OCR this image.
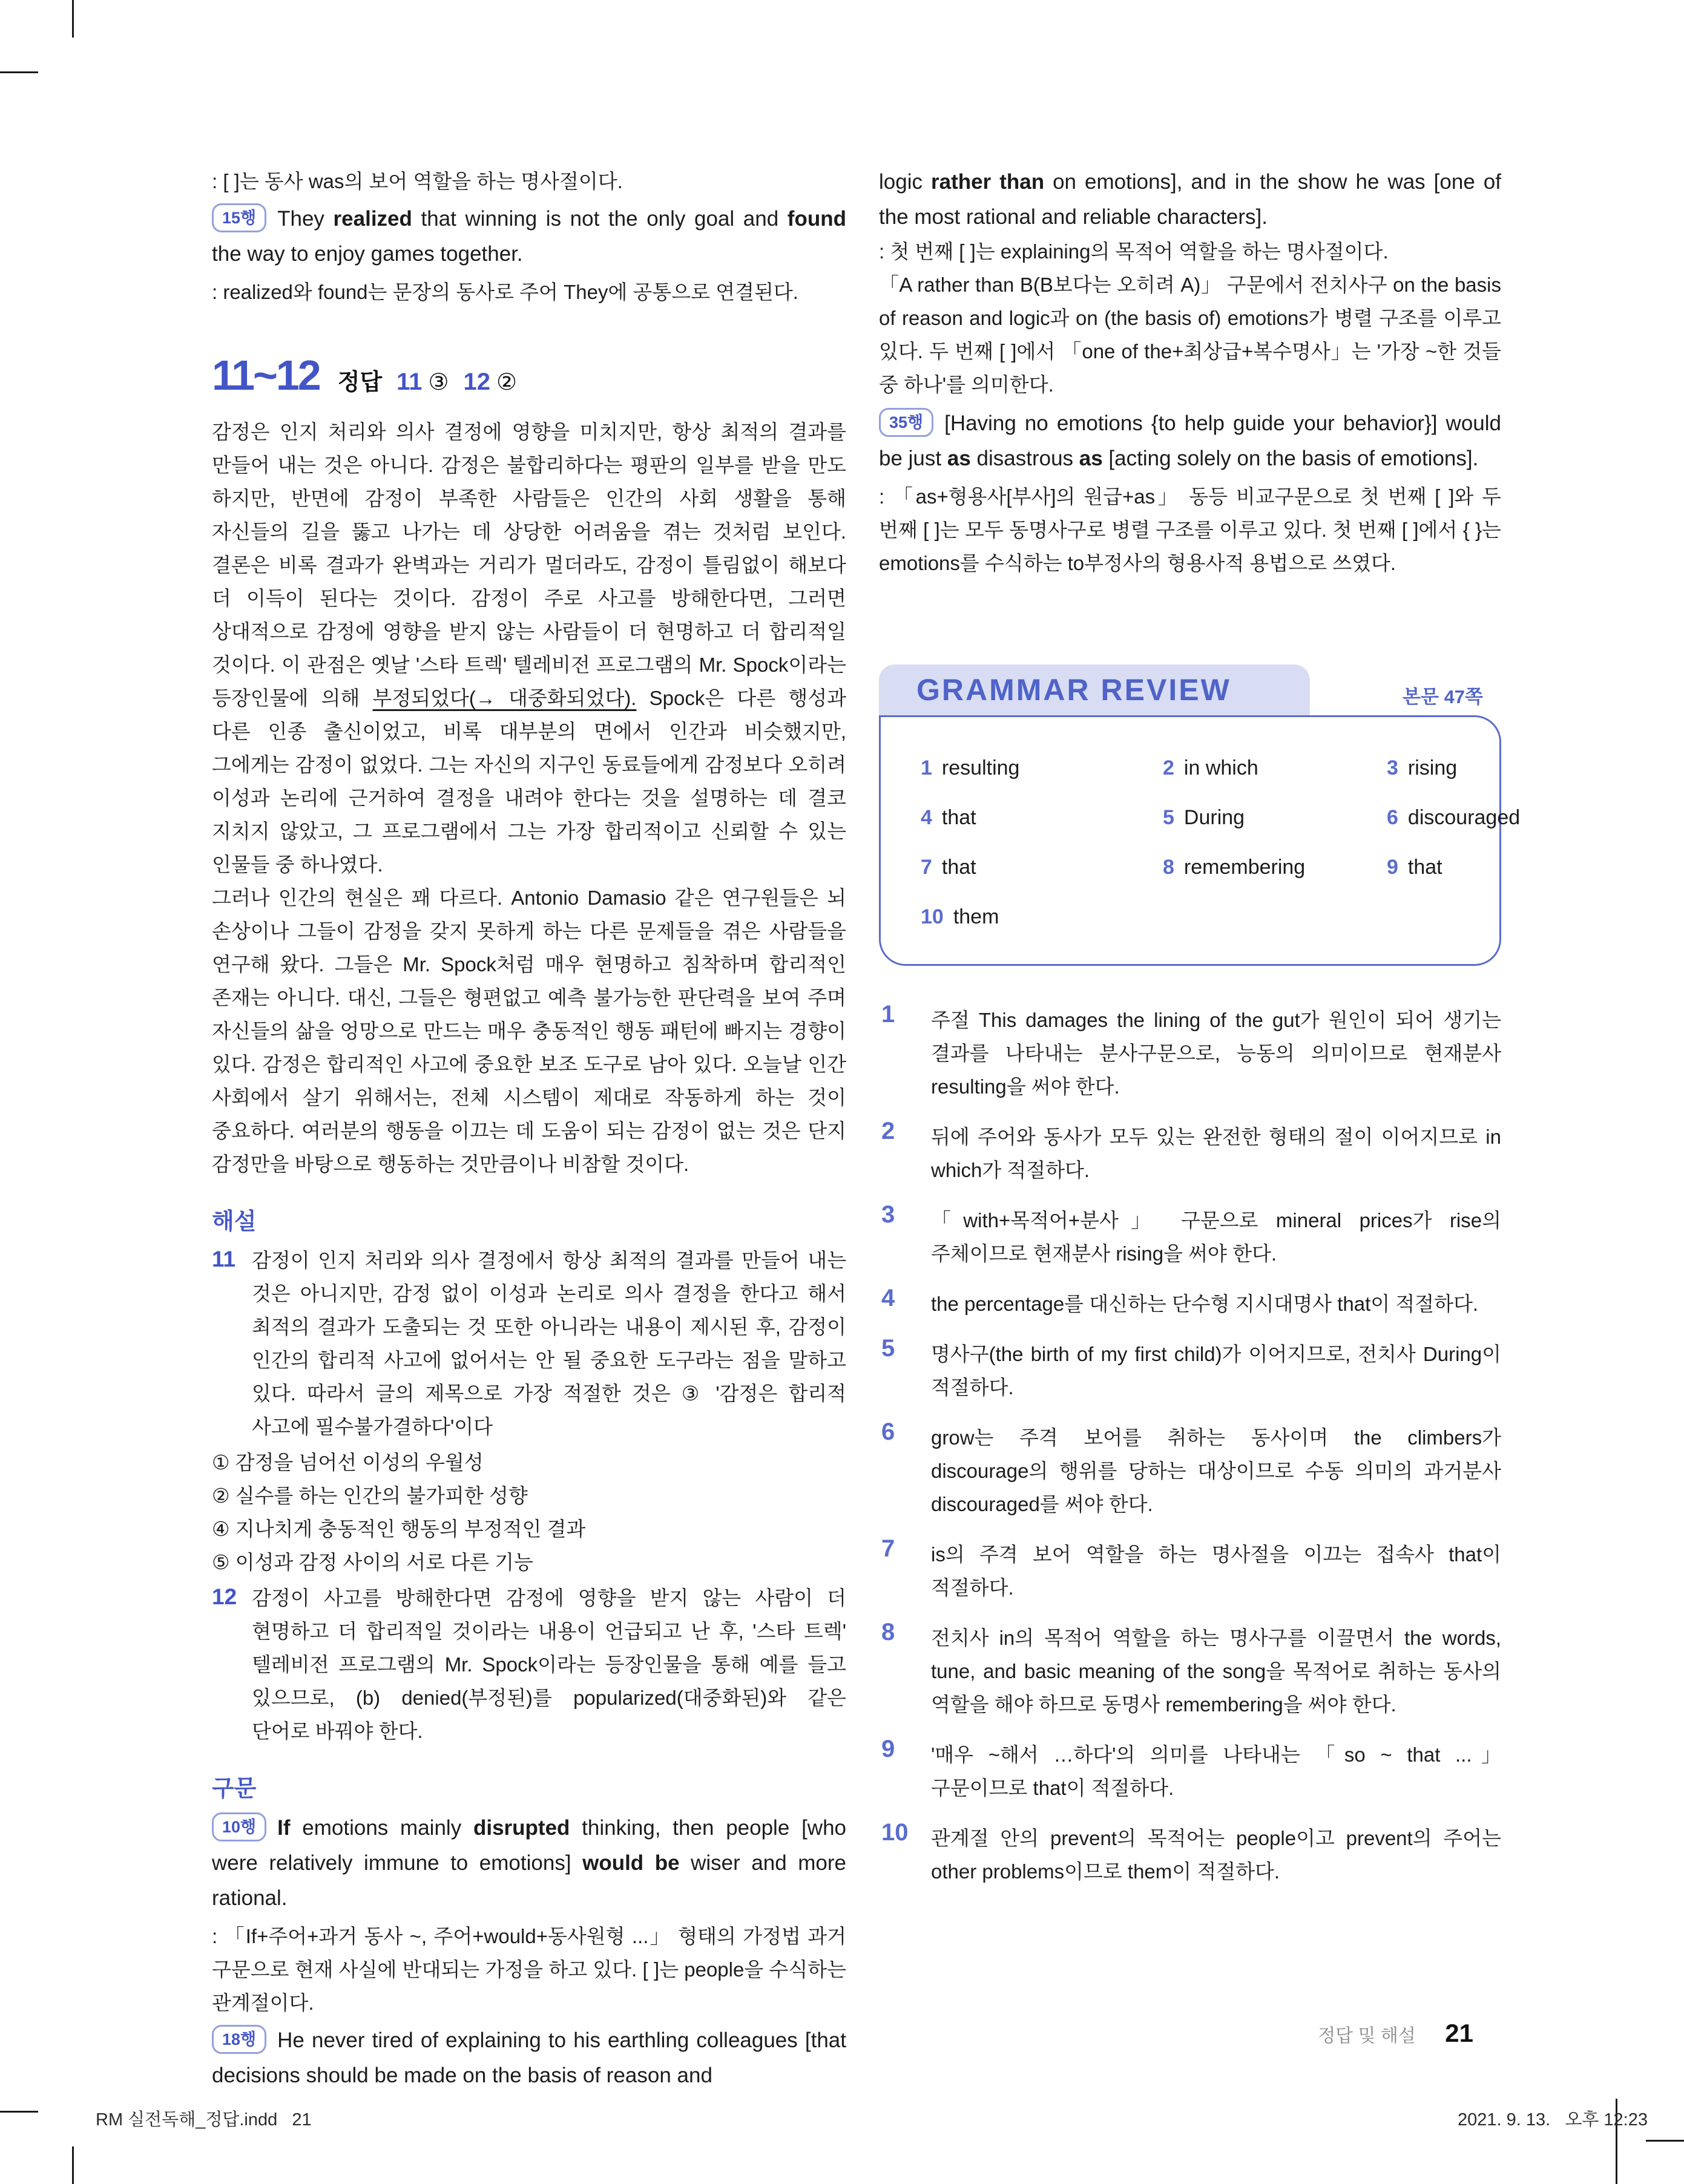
: [ ]는 동사 was의 보어 역할을 하는 명사절이다.

15행 They realized that winning is not the only goal and found the way to enjoy games together.

: realized와 found는 문장의 동사로 주어 They에 공통으로 연결된다.

11~12 정답 11 ③ 12 ②

감정은 인지 처리와 의사 결정에 영향을 미치지만, 항상 최적의 결과를 만들어 내는 것은 아니다. 감정은 불합리하다는 평판의 일부를 받을 만도 하지만, 반면에 감정이 부족한 사람들은 인간의 사회 생활을 통해 자신들의 길을 뚫고 나가는 데 상당한 어려움을 겪는 것처럼 보인다. 결론은 비록 결과가 완벽과는 거리가 멀더라도, 감정이 틀림없이 해보다 더 이득이 된다는 것이다. 감정이 주로 사고를 방해한다면, 그러면 상대적으로 감정에 영향을 받지 않는 사람들이 더 현명하고 더 합리적일 것이다. 이 관점은 옛날 '스타 트렉' 텔레비전 프로그램의 Mr. Spock이라는 등장인물에 의해 부정되었다(→ 대중화되었다). Spock은 다른 행성과 다른 인종 출신이었고, 비록 대부분의 면에서 인간과 비슷했지만, 그에게는 감정이 없었다. 그는 자신의 지구인 동료들에게 감정보다 오히려 이성과 논리에 근거하여 결정을 내려야 한다는 것을 설명하는 데 결코 지치지 않았고, 그 프로그램에서 그는 가장 합리적이고 신뢰할 수 있는 인물들 중 하나였다.

그러나 인간의 현실은 꽤 다르다. Antonio Damasio 같은 연구원들은 뇌 손상이나 그들이 감정을 갖지 못하게 하는 다른 문제들을 겪은 사람들을 연구해 왔다. 그들은 Mr. Spock처럼 매우 현명하고 침착하며 합리적인 존재는 아니다. 대신, 그들은 형편없고 예측 불가능한 판단력을 보여 주며 자신들의 삶을 엉망으로 만드는 매우 충동적인 행동 패턴에 빠지는 경향이 있다. 감정은 합리적인 사고에 중요한 보조 도구로 남아 있다. 오늘날 인간 사회에서 살기 위해서는, 전체 시스템이 제대로 작동하게 하는 것이 중요하다. 여러분의 행동을 이끄는 데 도움이 되는 감정이 없는 것은 단지 감정만을 바탕으로 행동하는 것만큼이나 비참할 것이다.

해설
11 감정이 인지 처리와 의사 결정에서 항상 최적의 결과를 만들어 내는 것은 아니지만, 감정 없이 이성과 논리로 의사 결정을 한다고 해서 최적의 결과가 도출되는 것 또한 아니라는 내용이 제시된 후, 감정이 인간의 합리적 사고에 없어서는 안 될 중요한 도구라는 점을 말하고 있다. 따라서 글의 제목으로 가장 적절한 것은 ③ '감정은 합리적 사고에 필수불가결하다'이다

① 감정을 넘어선 이성의 우월성

② 실수를 하는 인간의 불가피한 성향

④ 지나치게 충동적인 행동의 부정적인 결과

⑤ 이성과 감정 사이의 서로 다른 기능

12 감정이 사고를 방해한다면 감정에 영향을 받지 않는 사람이 더 현명하고 더 합리적일 것이라는 내용이 언급되고 난 후, '스타 트렉' 텔레비전 프로그램의 Mr. Spock이라는 등장인물을 통해 예를 들고 있으므로, (b) denied(부정된)를 popularized(대중화된)와 같은 단어로 바꿔야 한다.

구문

10행 If emotions mainly disrupted thinking, then people [who were relatively immune to emotions] would be wiser and more rational.

: 「If+주어+과거 동사 ~, 주어+would+동사원형 ...」 형태의 가정법 과거 구문으로 현재 사실에 반대되는 가정을 하고 있다. [ ]는 people을 수식하는 관계절이다.

18행 He never tired of explaining to his earthling colleagues [that decisions should be made on the basis of reason and

logic rather than on emotions], and in the show he was [one of the most rational and reliable characters].

: 첫 번째 [ ]는 explaining의 목적어 역할을 하는 명사절이다.

「A rather than B(B보다는 오히려 A)」 구문에서 전치사구 on the basis of reason and logic과 on (the basis of) emotions가 병렬 구조를 이루고 있다. 두 번째 [ ]에서 「one of the+최상급+복수명사」는 '가장 ~한 것들 중 하나'를 의미한다.

35행 [Having no emotions {to help guide your behavior}] would be just as disastrous as [acting solely on the basis of emotions].

: 「as+형용사[부사]의 원급+as」 동등 비교구문으로 첫 번째 [ ]와 두 번째 [ ]는 모두 동명사구로 병렬 구조를 이루고 있다. 첫 번째 [ ]에서 { }는 emotions를 수식하는 to부정사의 형용사적 용법으로 쓰였다.

GRAMMAR REVIEW	본문 47쪽
1 resulting	2 in which	3 rising
4 that	5 During	6 discouraged
7 that	8 remembering	9 that
10 them
1 주절 This damages the lining of the gut가 원인이 되어 생기는 결과를 나타내는 분사구문으로, 능동의 의미이므로 현재분사 resulting을 써야 한다.

2 뒤에 주어와 동사가 모두 있는 완전한 형태의 절이 이어지므로 in which가 적절하다.

3 「with+목적어+분사」 구문으로 mineral prices가 rise의 주체이므로 현재분사 rising을 써야 한다.

4 the percentage를 대신하는 단수형 지시대명사 that이 적절하다.

5 명사구(the birth of my first child)가 이어지므로, 전치사 During이 적절하다.

6 grow는 주격 보어를 취하는 동사이며 the climbers가 discourage의 행위를 당하는 대상이므로 수동 의미의 과거분사 discouraged를 써야 한다.

7 is의 주격 보어 역할을 하는 명사절을 이끄는 접속사 that이 적절하다.

8 전치사 in의 목적어 역할을 하는 명사구를 이끌면서 the words, tune, and basic meaning of the song을 목적어로 취하는 동사의 역할을 해야 하므로 동명사 remembering을 써야 한다.

9 '매우 ~해서 …하다'의 의미를 나타내는 「so ~ that ...」 구문이므로 that이 적절하다.

10 관계절 안의 prevent의 목적어는 people이고 prevent의 주어는 other problems이므로 them이 적절하다.

정답 및 해설 21
RM 실전독해_정답.indd   21	2021. 9. 13.   오후 12:23
